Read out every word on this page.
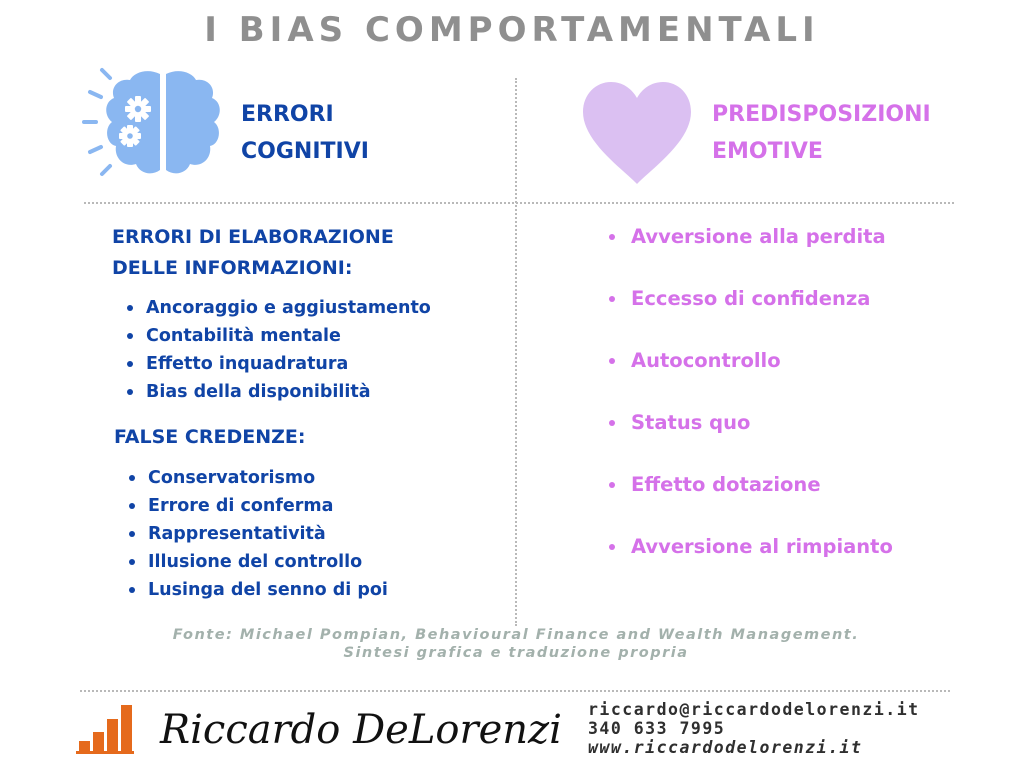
I BIAS COMPORTAMENTALI
ERRORI
COGNITIVI
PREDISPOSIZIONI
EMOTIVE
ERRORI DI ELABORAZIONE
DELLE INFORMAZIONI:
Ancoraggio e aggiustamento
Contabilità mentale
Effetto inquadratura
Bias della disponibilità
FALSE CREDENZE:
Conservatorismo
Errore di conferma
Rappresentatività
Illusione del controllo
Lusinga del senno di poi
Avversione alla perdita
Eccesso di confidenza
Autocontrollo
Status quo
Effetto dotazione
Avversione al rimpianto
Fonte: Michael Pompian, Behavioural Finance and Wealth Management.
Sintesi grafica e traduzione propria
Riccardo DeLorenzi riccardo@riccardodelorenzi.it
340 633 7995
www.riccardodelorenzi.it
